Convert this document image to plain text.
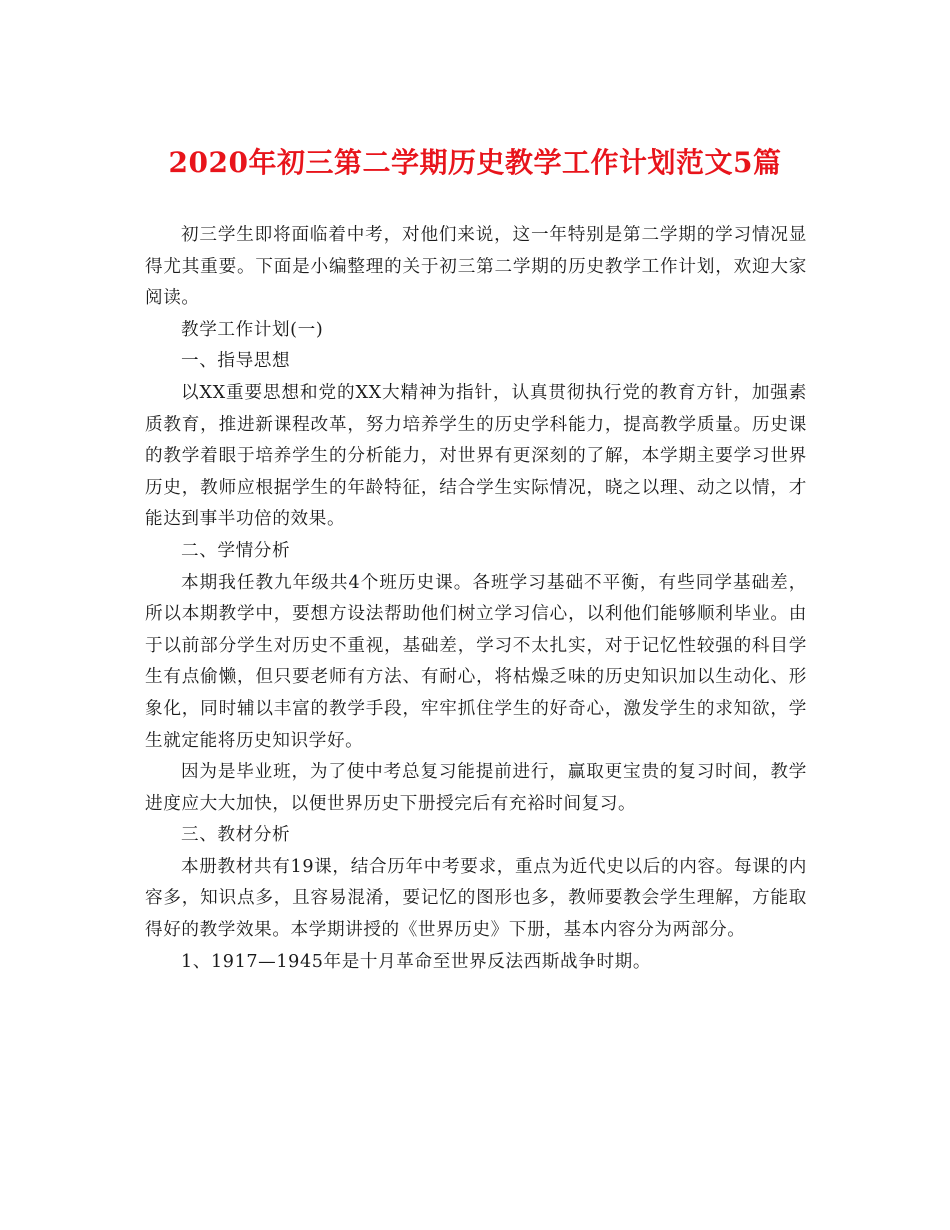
2020年初三第二学期历史教学工作计划范文5篇

初三学生即将面临着中考，对他们来说，这一年特别是第二学期的学习情况显得尤其重要。下面是小编整理的关于初三第二学期的历史教学工作计划，欢迎大家阅读。

教学工作计划(一)

一、指导思想

以XX重要思想和党的XX大精神为指针，认真贯彻执行党的教育方针，加强素质教育，推进新课程改革，努力培养学生的历史学科能力，提高教学质量。历史课的教学着眼于培养学生的分析能力，对世界有更深刻的了解，本学期主要学习世界历史，教师应根据学生的年龄特征，结合学生实际情况，晓之以理、动之以情，才能达到事半功倍的效果。

二、学情分析

本期我任教九年级共4个班历史课。各班学习基础不平衡，有些同学基础差，所以本期教学中，要想方设法帮助他们树立学习信心，以利他们能够顺利毕业。由于以前部分学生对历史不重视，基础差，学习不太扎实，对于记忆性较强的科目学生有点偷懒，但只要老师有方法、有耐心，将枯燥乏味的历史知识加以生动化、形象化，同时辅以丰富的教学手段，牢牢抓住学生的好奇心，激发学生的求知欲，学生就定能将历史知识学好。

因为是毕业班，为了使中考总复习能提前进行，赢取更宝贵的复习时间，教学进度应大大加快，以便世界历史下册授完后有充裕时间复习。

三、教材分析

本册教材共有19课，结合历年中考要求，重点为近代史以后的内容。每课的内容多，知识点多，且容易混淆，要记忆的图形也多，教师要教会学生理解，方能取得好的教学效果。本学期讲授的《世界历史》下册，基本内容分为两部分。

1、1917—1945年是十月革命至世界反法西斯战争时期。
